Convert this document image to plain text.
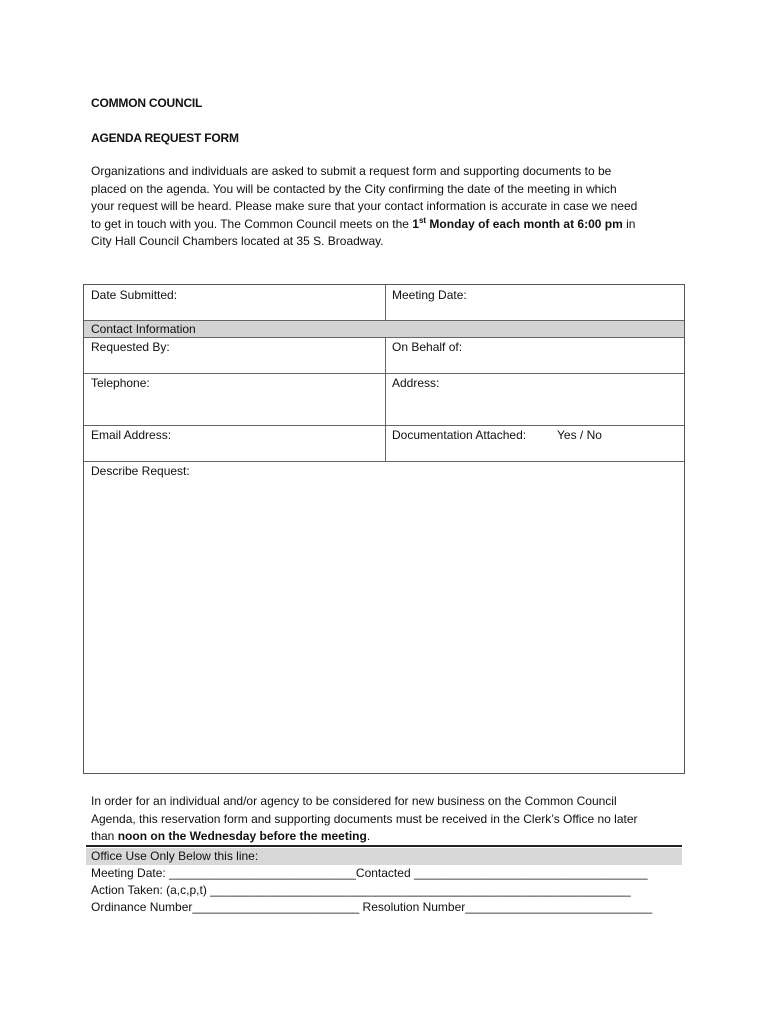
COMMON COUNCIL
AGENDA REQUEST FORM
Organizations and individuals are asked to submit a request form and supporting documents to be
placed on the agenda. You will be contacted by the City confirming the date of the meeting in which
your request will be heard. Please make sure that your contact information is accurate in case we need
to get in touch with you. The Common Council meets on the 1st Monday of each month at 6:00 pm in
City Hall Council Chambers located at 35 S. Broadway.
Date Submitted:	Meeting Date:
Contact Information
Requested By:	On Behalf of:
Telephone:	Address:
Email Address:	Documentation Attached:	Yes / No
Describe Request:
In order for an individual and/or agency to be considered for new business on the Common Council
Agenda, this reservation form and supporting documents must be received in the Clerk’s Office no later
than noon on the Wednesday before the meeting.
Office Use Only Below this line:
Meeting Date: ____________________________Contacted ___________________________________
Action Taken: (a,c,p,t) _______________________________________________________________
Ordinance Number_________________________ Resolution Number____________________________
